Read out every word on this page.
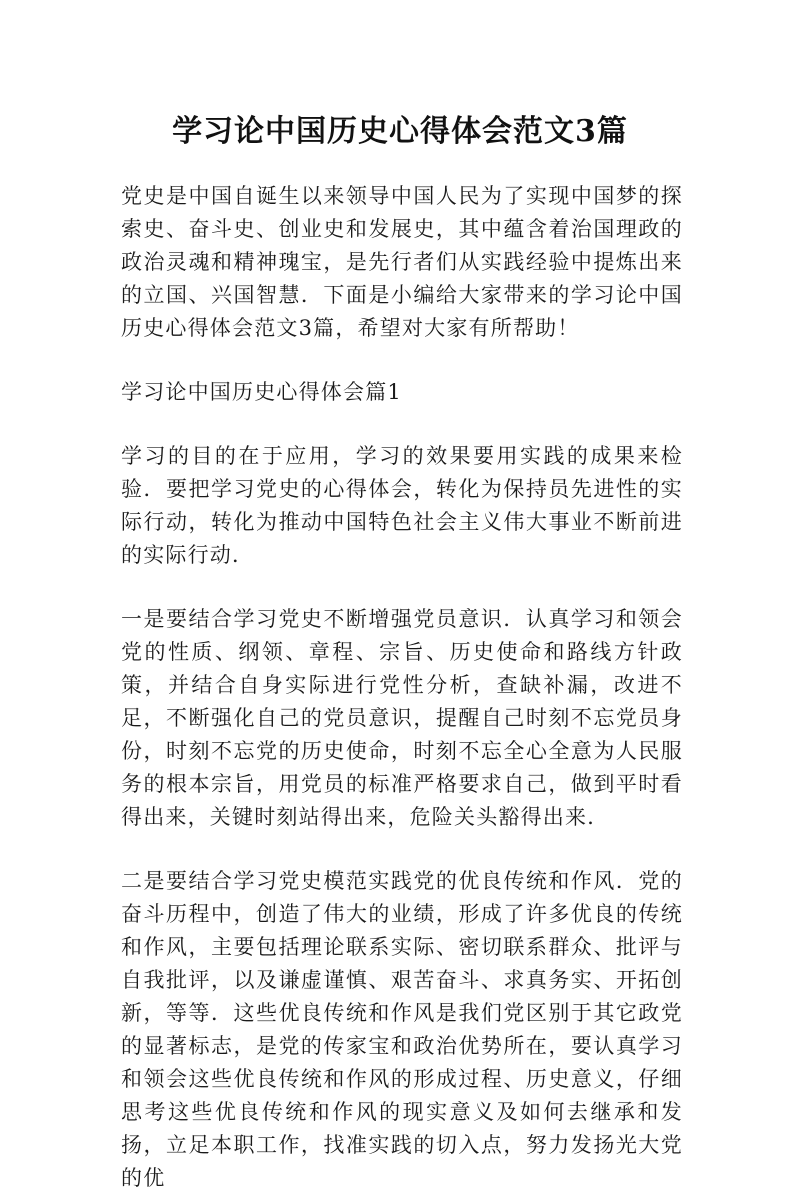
学习论中国历史心得体会范文3篇

党史是中国自诞生以来领导中国人民为了实现中国梦的探索史、奋斗史、创业史和发展史，其中蕴含着治国理政的政治灵魂和精神瑰宝，是先行者们从实践经验中提炼出来的立国、兴国智慧．下面是小编给大家带来的学习论中国历史心得体会范文3篇，希望对大家有所帮助！

学习论中国历史心得体会篇1

学习的目的在于应用，学习的效果要用实践的成果来检验．要把学习党史的心得体会，转化为保持员先进性的实际行动，转化为推动中国特色社会主义伟大事业不断前进的实际行动．

一是要结合学习党史不断增强党员意识．认真学习和领会党的性质、纲领、章程、宗旨、历史使命和路线方针政策，并结合自身实际进行党性分析，查缺补漏，改进不足，不断强化自己的党员意识，提醒自己时刻不忘党员身份，时刻不忘党的历史使命，时刻不忘全心全意为人民服务的根本宗旨，用党员的标准严格要求自己，做到平时看得出来，关键时刻站得出来，危险关头豁得出来．

二是要结合学习党史模范实践党的优良传统和作风．党的奋斗历程中，创造了伟大的业绩，形成了许多优良的传统和作风，主要包括理论联系实际、密切联系群众、批评与自我批评，以及谦虚谨慎、艰苦奋斗、求真务实、开拓创新，等等．这些优良传统和作风是我们党区别于其它政党的显著标志，是党的传家宝和政治优势所在，要认真学习和领会这些优良传统和作风的形成过程、历史意义，仔细思考这些优良传统和作风的现实意义及如何去继承和发扬，立足本职工作，找准实践的切入点，努力发扬光大党的优
